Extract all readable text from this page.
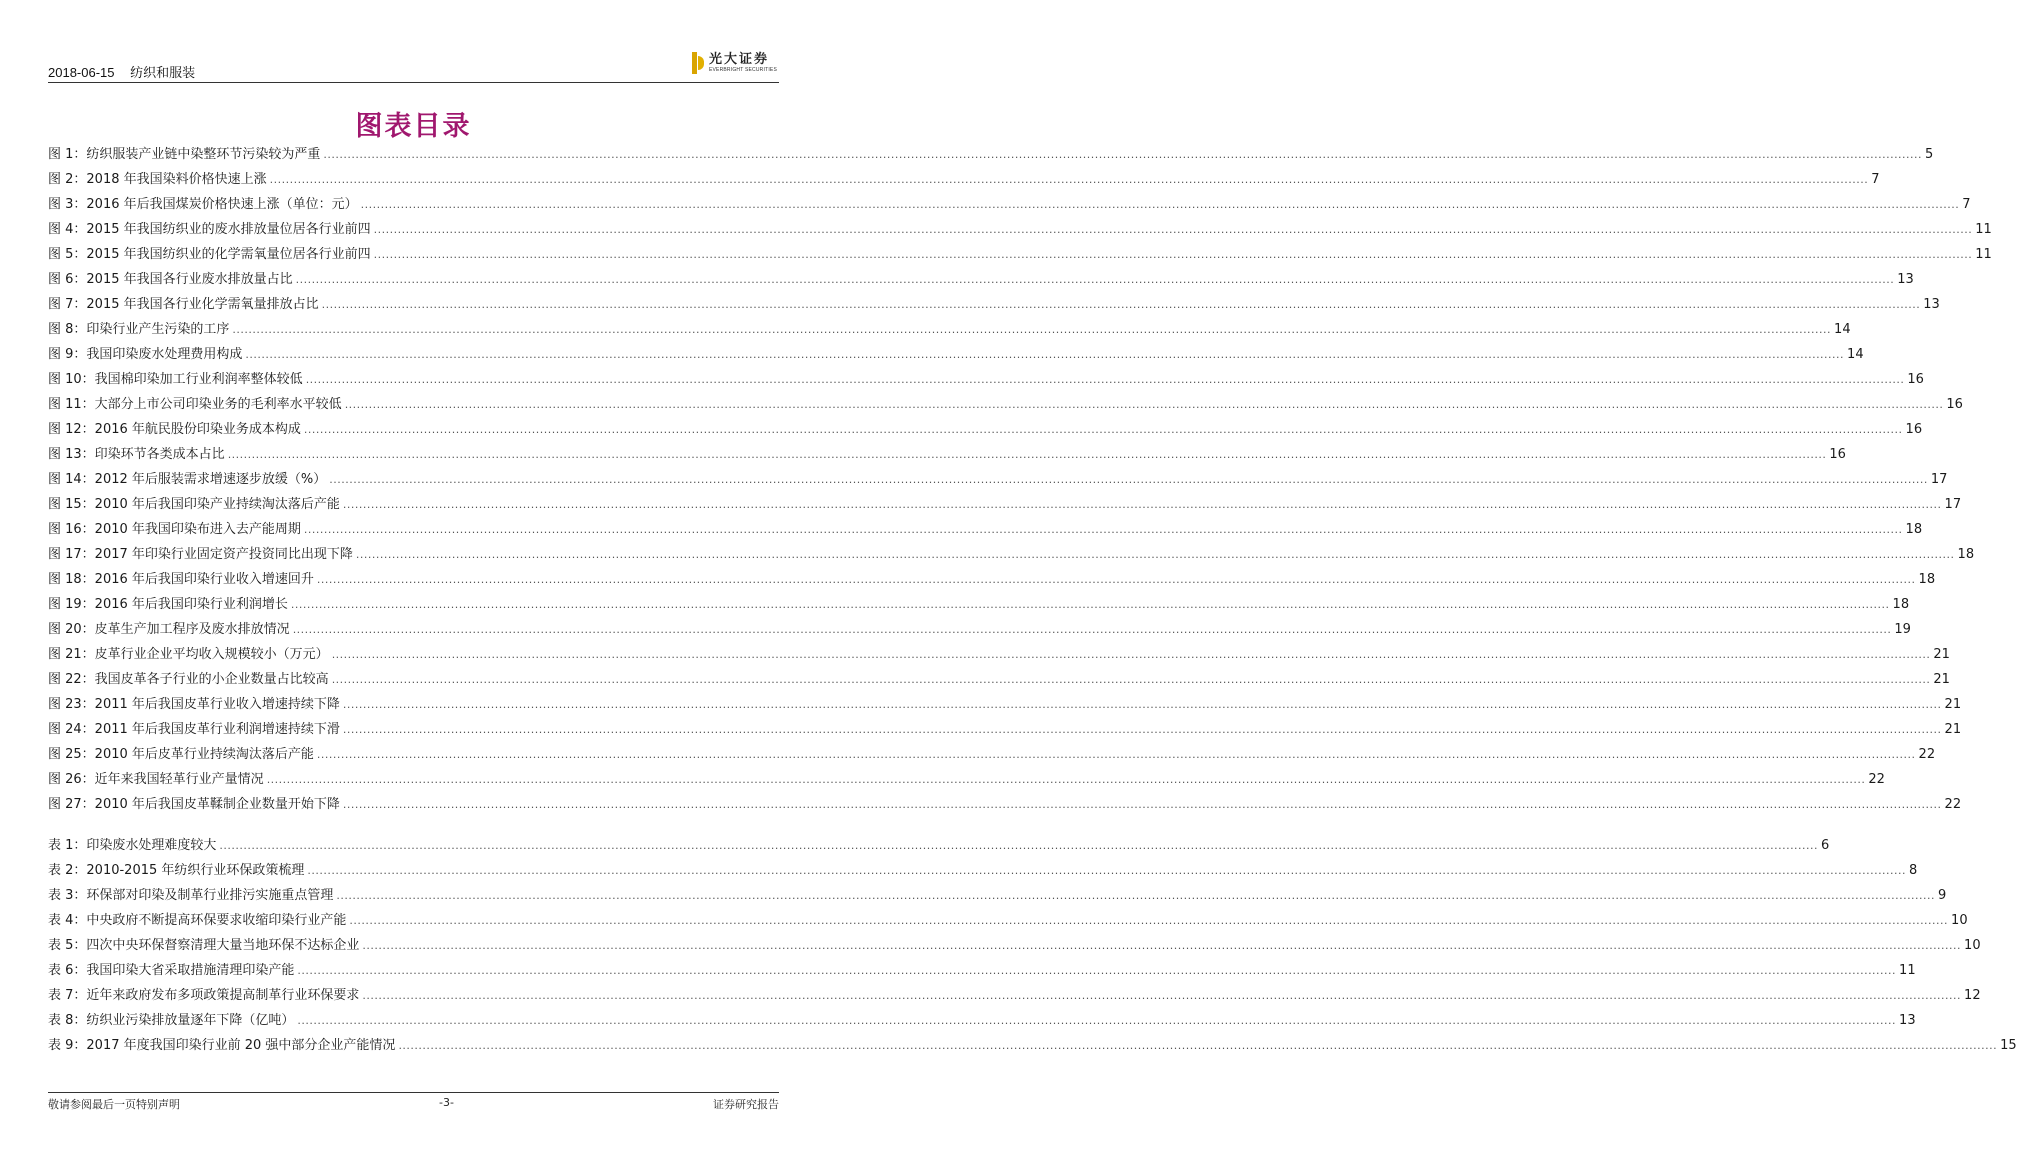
2018-06-15 纺织和服装
光大证券
EVERBRIGHT SECURITIES
图表目录
图 1：纺织服装产业链中染整环节污染较为严重 ................................................................................................................................................................................................................................................................................................................................................................................................................ 5
图 2：2018 年我国染料价格快速上涨 ................................................................................................................................................................................................................................................................................................................................................................................................................ 7
图 3：2016 年后我国煤炭价格快速上涨（单位：元） ................................................................................................................................................................................................................................................................................................................................................................................................................ 7
图 4：2015 年我国纺织业的废水排放量位居各行业前四 ................................................................................................................................................................................................................................................................................................................................................................................................................ 11
图 5：2015 年我国纺织业的化学需氧量位居各行业前四 ................................................................................................................................................................................................................................................................................................................................................................................................................ 11
图 6：2015 年我国各行业废水排放量占比 ................................................................................................................................................................................................................................................................................................................................................................................................................ 13
图 7：2015 年我国各行业化学需氧量排放占比 ................................................................................................................................................................................................................................................................................................................................................................................................................ 13
图 8：印染行业产生污染的工序 ................................................................................................................................................................................................................................................................................................................................................................................................................ 14
图 9：我国印染废水处理费用构成 ................................................................................................................................................................................................................................................................................................................................................................................................................ 14
图 10：我国棉印染加工行业利润率整体较低 ................................................................................................................................................................................................................................................................................................................................................................................................................ 16
图 11：大部分上市公司印染业务的毛利率水平较低 ................................................................................................................................................................................................................................................................................................................................................................................................................ 16
图 12：2016 年航民股份印染业务成本构成 ................................................................................................................................................................................................................................................................................................................................................................................................................ 16
图 13：印染环节各类成本占比 ................................................................................................................................................................................................................................................................................................................................................................................................................ 16
图 14：2012 年后服装需求增速逐步放缓（%） ................................................................................................................................................................................................................................................................................................................................................................................................................ 17
图 15：2010 年后我国印染产业持续淘汰落后产能 ................................................................................................................................................................................................................................................................................................................................................................................................................ 17
图 16：2010 年我国印染布进入去产能周期 ................................................................................................................................................................................................................................................................................................................................................................................................................ 18
图 17：2017 年印染行业固定资产投资同比出现下降 ................................................................................................................................................................................................................................................................................................................................................................................................................ 18
图 18：2016 年后我国印染行业收入增速回升 ................................................................................................................................................................................................................................................................................................................................................................................................................ 18
图 19：2016 年后我国印染行业利润增长 ................................................................................................................................................................................................................................................................................................................................................................................................................ 18
图 20：皮革生产加工程序及废水排放情况 ................................................................................................................................................................................................................................................................................................................................................................................................................ 19
图 21：皮革行业企业平均收入规模较小（万元） ................................................................................................................................................................................................................................................................................................................................................................................................................ 21
图 22：我国皮革各子行业的小企业数量占比较高 ................................................................................................................................................................................................................................................................................................................................................................................................................ 21
图 23：2011 年后我国皮革行业收入增速持续下降 ................................................................................................................................................................................................................................................................................................................................................................................................................ 21
图 24：2011 年后我国皮革行业利润增速持续下滑 ................................................................................................................................................................................................................................................................................................................................................................................................................ 21
图 25：2010 年后皮革行业持续淘汰落后产能 ................................................................................................................................................................................................................................................................................................................................................................................................................ 22
图 26：近年来我国轻革行业产量情况 ................................................................................................................................................................................................................................................................................................................................................................................................................ 22
图 27：2010 年后我国皮革鞣制企业数量开始下降 ................................................................................................................................................................................................................................................................................................................................................................................................................ 22
表 1：印染废水处理难度较大 ................................................................................................................................................................................................................................................................................................................................................................................................................ 6
表 2：2010-2015 年纺织行业环保政策梳理 ................................................................................................................................................................................................................................................................................................................................................................................................................ 8
表 3：环保部对印染及制革行业排污实施重点管理 ................................................................................................................................................................................................................................................................................................................................................................................................................ 9
表 4：中央政府不断提高环保要求收缩印染行业产能 ................................................................................................................................................................................................................................................................................................................................................................................................................ 10
表 5：四次中央环保督察清理大量当地环保不达标企业 ................................................................................................................................................................................................................................................................................................................................................................................................................ 10
表 6：我国印染大省采取措施清理印染产能 ................................................................................................................................................................................................................................................................................................................................................................................................................ 11
表 7：近年来政府发布多项政策提高制革行业环保要求 ................................................................................................................................................................................................................................................................................................................................................................................................................ 12
表 8：纺织业污染排放量逐年下降（亿吨） ................................................................................................................................................................................................................................................................................................................................................................................................................ 13
表 9：2017 年度我国印染行业前 20 强中部分企业产能情况 ................................................................................................................................................................................................................................................................................................................................................................................................................ 15
敬请参阅最后一页特别声明	-3-	证券研究报告
